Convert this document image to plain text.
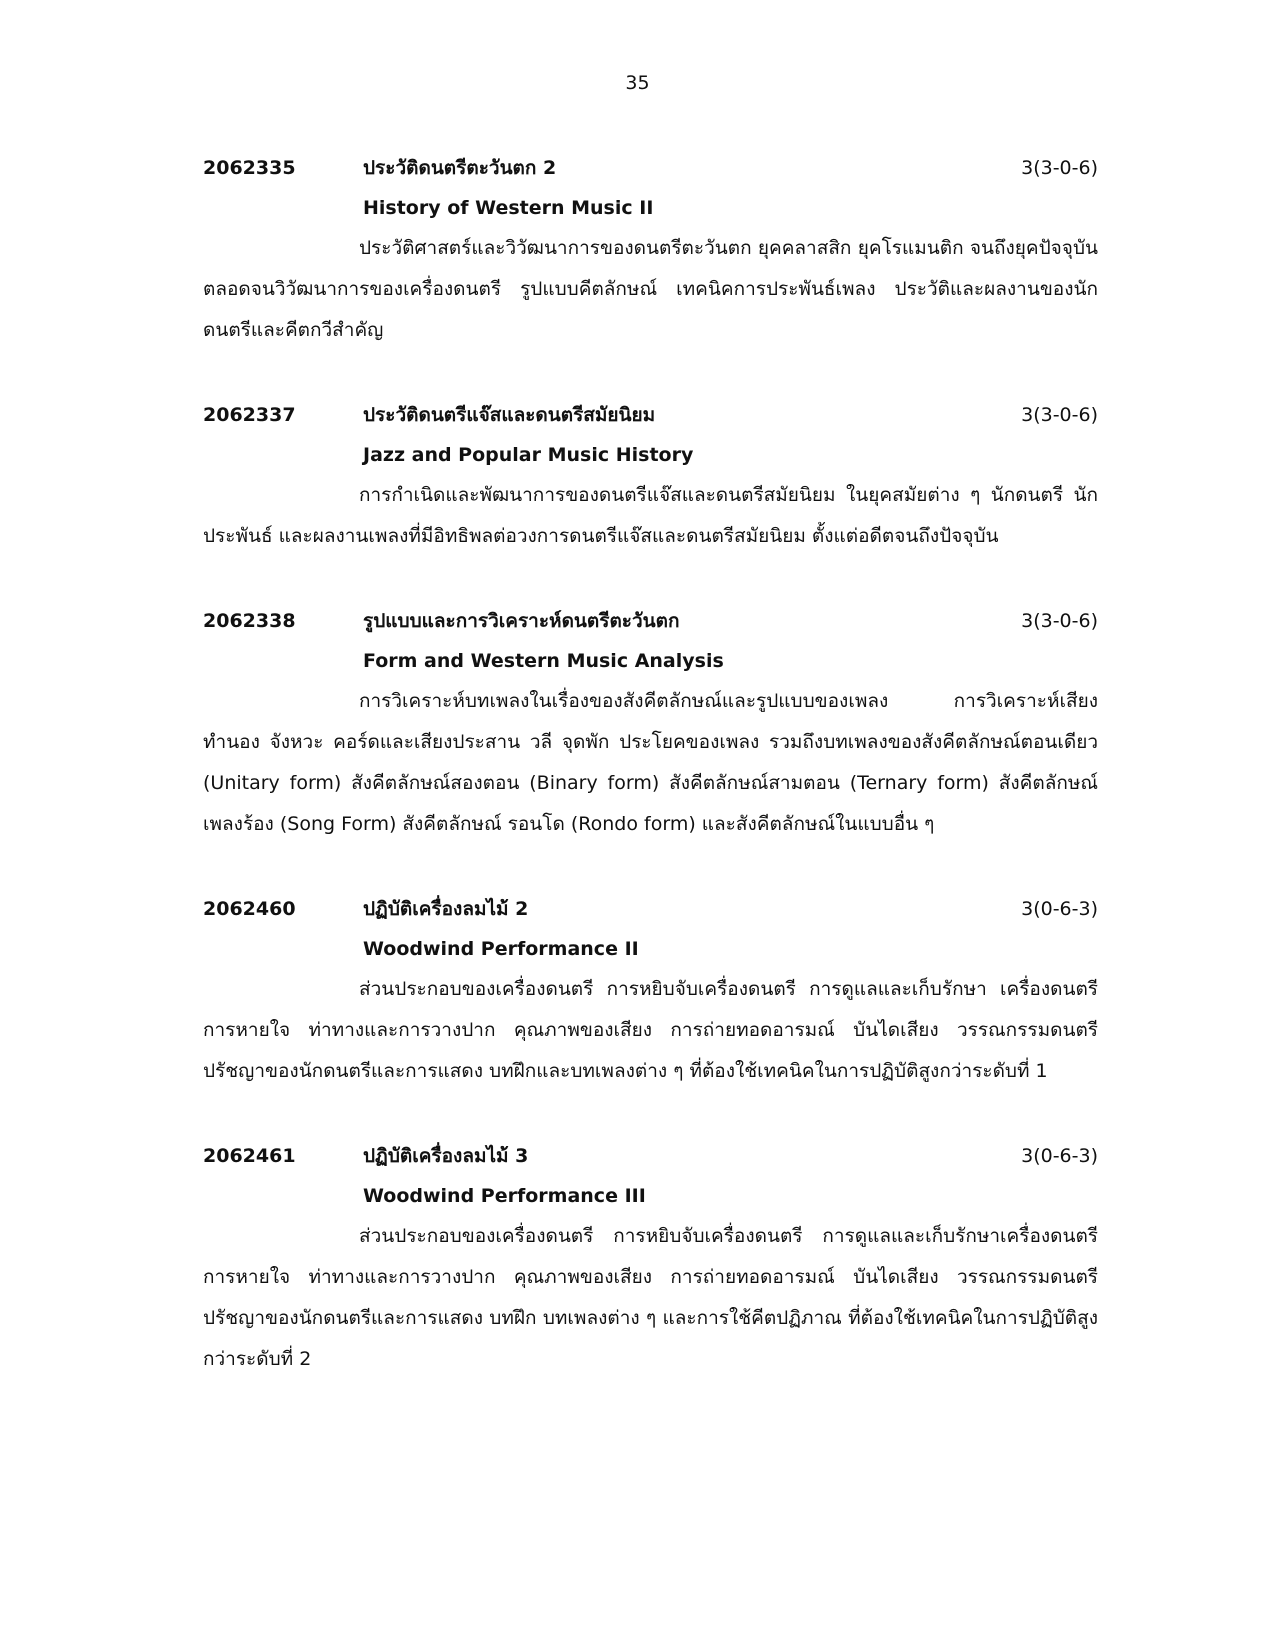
35
2062335	ประวัติดนตรีตะวันตก 2	3(3-0-6)
History of Western Music II

ประวัติศาสตร์และวิวัฒนาการของดนตรีตะวันตก ยุคคลาสสิก ยุคโรแมนติก จนถึงยุคปัจจุบัน ตลอดจนวิวัฒนาการของเครื่องดนตรี รูปแบบคีตลักษณ์ เทคนิคการประพันธ์เพลง ประวัติและผลงานของนักดนตรีและคีตกวีสำคัญ

2062337	ประวัติดนตรีแจ๊สและดนตรีสมัยนิยม	3(3-0-6)
Jazz and Popular Music History

การกำเนิดและพัฒนาการของดนตรีแจ๊สและดนตรีสมัยนิยม ในยุคสมัยต่าง ๆ นักดนตรี นักประพันธ์ และผลงานเพลงที่มีอิทธิพลต่อวงการดนตรีแจ๊สและดนตรีสมัยนิยม ตั้งแต่อดีตจนถึงปัจจุบัน

2062338	รูปแบบและการวิเคราะห์ดนตรีตะวันตก	3(3-0-6)
Form and Western Music Analysis

การวิเคราะห์บทเพลงในเรื่องของสังคีตลักษณ์และรูปแบบของเพลง การวิเคราะห์เสียง ทำนอง จังหวะ คอร์ดและเสียงประสาน วลี จุดพัก ประโยคของเพลง รวมถึงบทเพลงของสังคีตลักษณ์ตอนเดียว (Unitary form) สังคีตลักษณ์สองตอน (Binary form) สังคีตลักษณ์สามตอน (Ternary form) สังคีตลักษณ์เพลงร้อง (Song Form) สังคีตลักษณ์ รอนโด (Rondo form) และสังคีตลักษณ์ในแบบอื่น ๆ

2062460	ปฏิบัติเครื่องลมไม้ 2	3(0-6-3)
Woodwind Performance II

ส่วนประกอบของเครื่องดนตรี การหยิบจับเครื่องดนตรี การดูแลและเก็บรักษา เครื่องดนตรี การหายใจ ท่าทางและการวางปาก คุณภาพของเสียง การถ่ายทอดอารมณ์ บันไดเสียง วรรณกรรมดนตรี ปรัชญาของนักดนตรีและการแสดง บทฝึกและบทเพลงต่าง ๆ ที่ต้องใช้เทคนิคในการปฏิบัติสูงกว่าระดับที่ 1

2062461	ปฏิบัติเครื่องลมไม้ 3	3(0-6-3)
Woodwind Performance III

ส่วนประกอบของเครื่องดนตรี การหยิบจับเครื่องดนตรี การดูแลและเก็บรักษาเครื่องดนตรี การหายใจ ท่าทางและการวางปาก คุณภาพของเสียง การถ่ายทอดอารมณ์ บันไดเสียง วรรณกรรมดนตรี ปรัชญาของนักดนตรีและการแสดง บทฝึก บทเพลงต่าง ๆ และการใช้คีตปฏิภาณ ที่ต้องใช้เทคนิคในการปฏิบัติสูงกว่าระดับที่ 2
